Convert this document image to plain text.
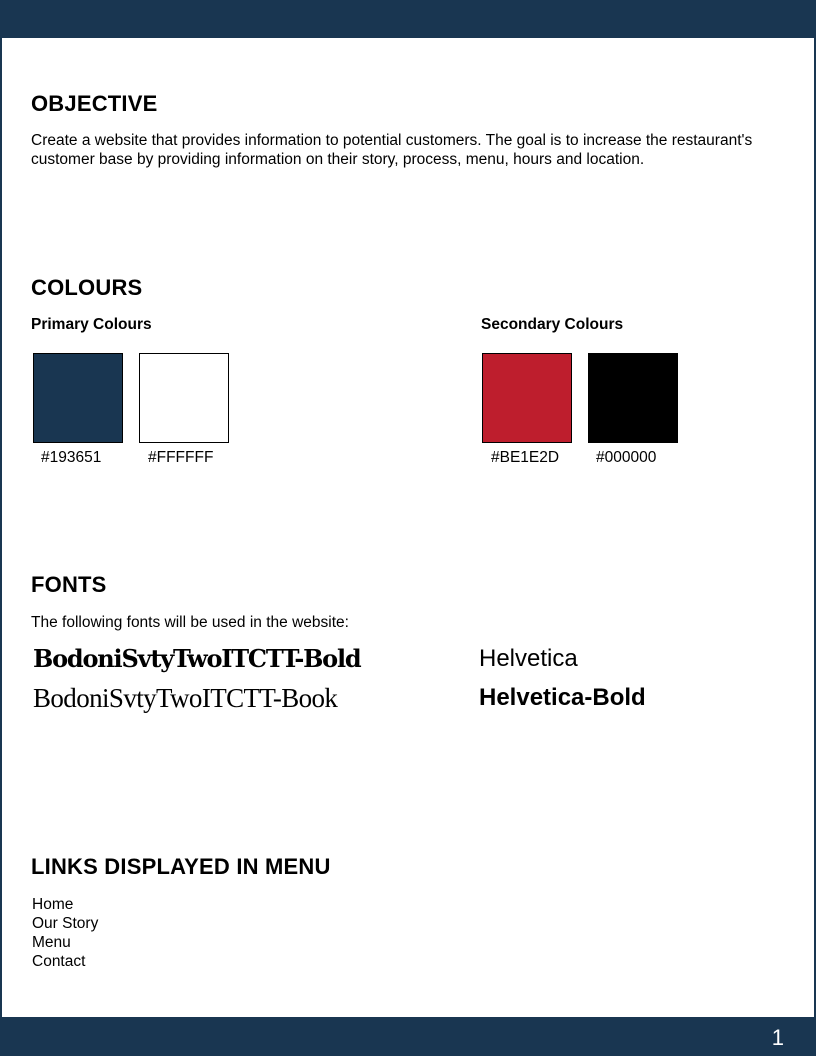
OBJECTIVE

Create a website that provides information to potential customers. The goal is to increase the restaurant's customer base by providing information on their story, process, menu, hours and location.

COLOURS

Primary Colours	Secondary Colours

#193651	#FFFFFF	#BE1E2D #000000
FONTS

The following fonts will be used in the website:

BodoniSvtyTwoITCTT-Bold

BodoniSvtyTwoITCTT-Book

Helvetica

Helvetica-Bold

LINKS DISPLAYED IN MENU
Home
Our Story
Menu
Contact
1
